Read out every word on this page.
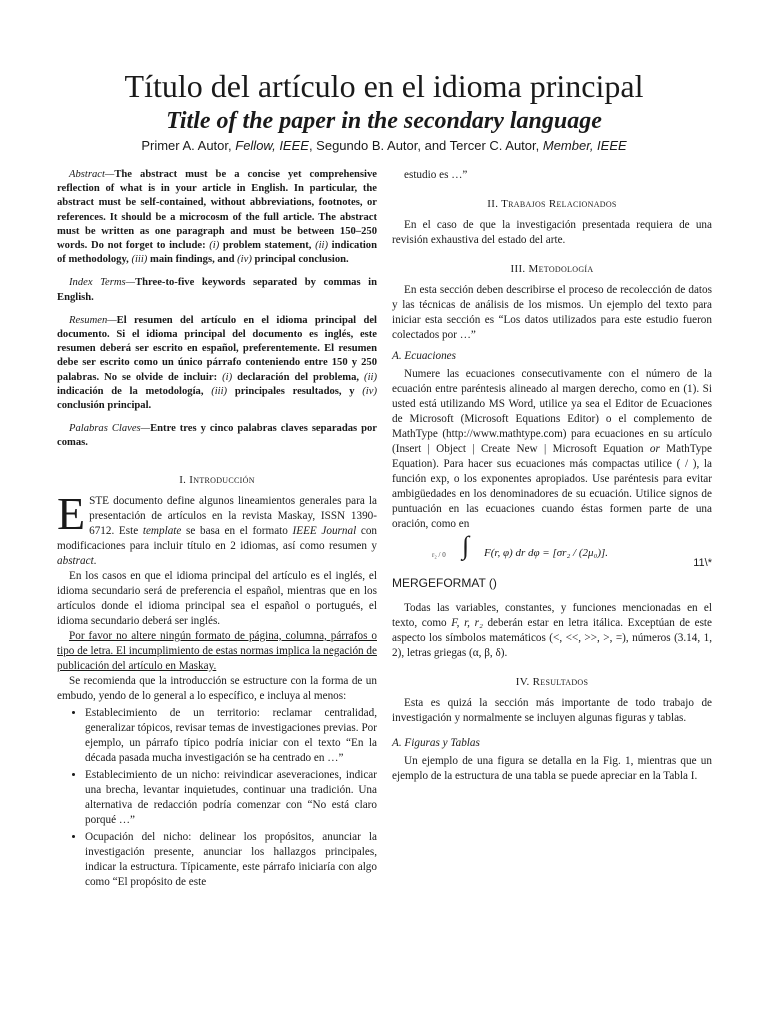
Título del artículo en el idioma principal
Title of the paper in the secondary language
Primer A. Autor, Fellow, IEEE, Segundo B. Autor, and Tercer C. Autor, Member, IEEE

Abstract—The abstract must be a concise yet comprehensive reflection of what is in your article in English. In particular, the abstract must be self-contained, without abbreviations, footnotes, or references. It should be a microcosm of the full article. The abstract must be written as one paragraph and must be between 150–250 words. Do not forget to include: (i) problem statement, (ii) indication of methodology, (iii) main findings, and (iv) principal conclusion.

Index Terms—Three-to-five keywords separated by commas in English.

Resumen—El resumen del artículo en el idioma principal del documento. Si el idioma principal del documento es inglés, este resumen deberá ser escrito en español, preferentemente. El resumen debe ser escrito como un único párrafo conteniendo entre 150 y 250 palabras. No se olvide de incluir: (i) declaración del problema, (ii) indicación de la metodología, (iii) principales resultados, y (iv) conclusión principal.

Palabras Claves—Entre tres y cinco palabras claves separadas por comas.

I. Introducción

ESTE documento define algunos lineamientos generales para la presentación de artículos en la revista Maskay, ISSN 1390-6712. Este template se basa en el formato IEEE Journal con modificaciones para incluir título en 2 idiomas, así como resumen y abstract.

En los casos en que el idioma principal del artículo es el inglés, el idioma secundario será de preferencia el español, mientras que en los artículos donde el idioma principal sea el español o portugués, el idioma secundario deberá ser inglés.

Por favor no altere ningún formato de página, columna, párrafos o tipo de letra. El incumplimiento de estas normas implica la negación de publicación del artículo en Maskay.

Se recomienda que la introducción se estructure con la forma de un embudo, yendo de lo general a lo específico, e incluya al menos:

• Establecimiento de un territorio: reclamar centralidad, generalizar tópicos, revisar temas de investigaciones previas. Por ejemplo, un párrafo típico podría iniciar con el texto “En la década pasada mucha investigación se ha centrado en …”
• Establecimiento de un nicho: reivindicar aseveraciones, indicar una brecha, levantar inquietudes, continuar una tradición. Una alternativa de redacción podría comenzar con “No está claro porqué …”
• Ocupación del nicho: delinear los propósitos, anunciar la investigación presente, anunciar los hallazgos principales, indicar la estructura. Típicamente, este párrafo iniciaría con algo como “El propósito de este

estudio es …”

II. Trabajos Relacionados

En el caso de que la investigación presentada requiera de una revisión exhaustiva del estado del arte.

III. Metodología

En esta sección deben describirse el proceso de recolección de datos y las técnicas de análisis de los mismos. Un ejemplo del texto para iniciar esta sección es “Los datos utilizados para este estudio fueron colectados por …”

A. Ecuaciones

Numere las ecuaciones consecutivamente con el número de la ecuación entre paréntesis alineado al margen derecho, como en (1). Si usted está utilizando MS Word, utilice ya sea el Editor de Ecuaciones de Microsoft (Microsoft Equations Editor) o el complemento de MathType (http://www.mathtype.com) para ecuaciones en su artículo (Insert | Object | Create New | Microsoft Equation or MathType Equation). Para hacer sus ecuaciones más compactas utilice ( / ), la función exp, o los exponentes apropiados. Use paréntesis para evitar ambigüedades en los denominadores de su ecuación. Utilice signos de puntuación en las ecuaciones cuando éstas formen parte de una oración, como en

∫ F(r, φ) dr dφ = [σr₂ / (2μ₀)].
r₂ / 0
11\*
MERGEFORMAT ()

Todas las variables, constantes, y funciones mencionadas en el texto, como F, r, r₂ deberán estar en letra itálica. Exceptúan de este aspecto los símbolos matemáticos (<, <<, >>, >, =), números (3.14, 1, 2), letras griegas (α, β, δ).

IV. Resultados

Esta es quizá la sección más importante de todo trabajo de investigación y normalmente se incluyen algunas figuras y tablas.

A. Figuras y Tablas

Un ejemplo de una figura se detalla en la Fig. 1, mientras que un ejemplo de la estructura de una tabla se puede apreciar en la Tabla I.
